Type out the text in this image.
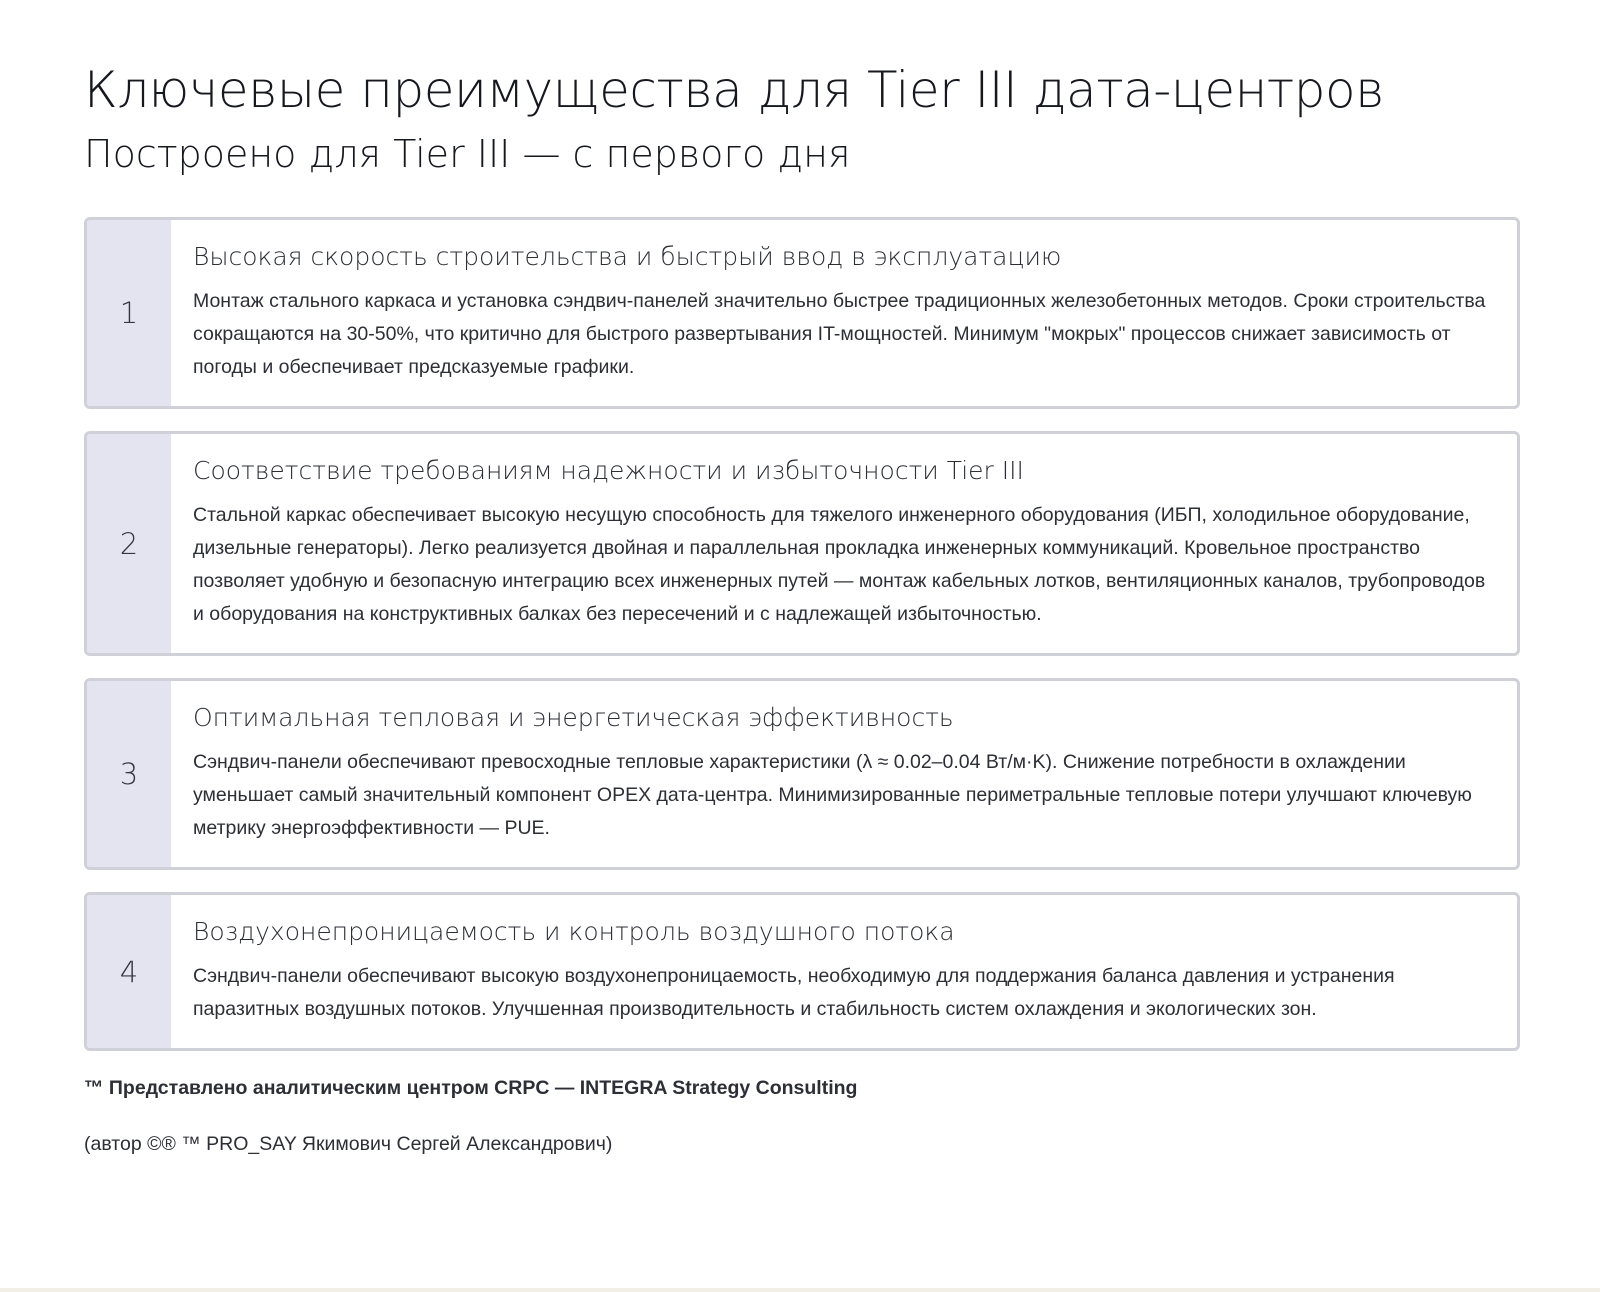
Ключевые преимущества для Tier III дата-центров
Построено для Tier III — с первого дня
1
Высокая скорость строительства и быстрый ввод в эксплуатацию

Монтаж стального каркаса и установка сэндвич-панелей значительно быстрее традиционных железобетонных методов. Сроки строительства сокращаются на 30-50%, что критично для быстрого развертывания IT-мощностей. Минимум "мокрых" процессов снижает зависимость от погоды и обеспечивает предсказуемые графики.

2
Соответствие требованиям надежности и избыточности Tier III

Стальной каркас обеспечивает высокую несущую способность для тяжелого инженерного оборудования (ИБП, холодильное оборудование, дизельные генераторы). Легко реализуется двойная и параллельная прокладка инженерных коммуникаций. Кровельное пространство позволяет удобную и безопасную интеграцию всех инженерных путей — монтаж кабельных лотков, вентиляционных каналов, трубопроводов и оборудования на конструктивных балках без пересечений и с надлежащей избыточностью.

3
Оптимальная тепловая и энергетическая эффективность

Сэндвич-панели обеспечивают превосходные тепловые характеристики (λ ≈ 0.02–0.04 Вт/м·K). Снижение потребности в охлаждении уменьшает самый значительный компонент OPEX дата-центра. Минимизированные периметральные тепловые потери улучшают ключевую метрику энергоэффективности — PUE.

4
Воздухонепроницаемость и контроль воздушного потока

Сэндвич-панели обеспечивают высокую воздухонепроницаемость, необходимую для поддержания баланса давления и устранения паразитных воздушных потоков. Улучшенная производительность и стабильность систем охлаждения и экологических зон.

™ Представлено аналитическим центром CRPC — INTEGRA Strategy Consulting

(автор ©® ™ PRO_SAY Якимович Сергей Александрович)
